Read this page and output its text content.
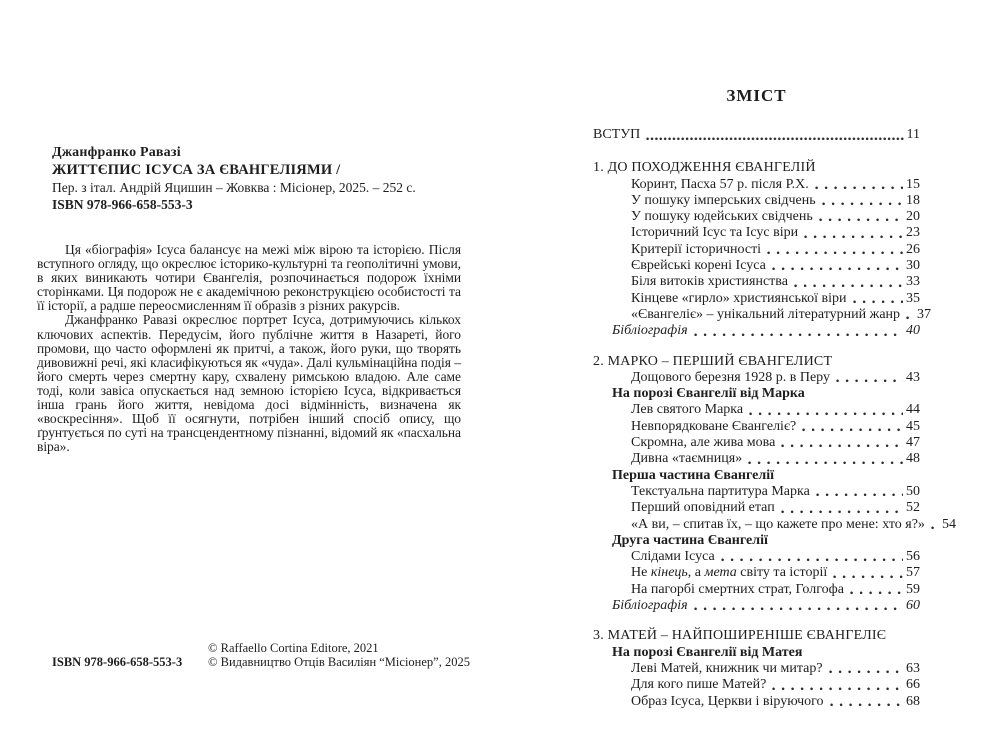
Джанфранко Равазі
ЖИТТЄПИС ІСУСА ЗА ЄВАНГЕЛІЯМИ /
Пер. з італ. Андрій Яцишин – Жовква : Місіонер, 2025. – 252 с.
ISBN 978-966-658-553-3

Ця «біографія» Ісуса балансує на межі між вірою та історією. Після вступного огляду, що окреслює історико-культурні та геополітичні умови, в яких виникають чотири Євангелія, розпочинається подорож їхніми сторінками. Ця подорож не є академічною реконструкцією особистості та її історії, а радше переосмисленням її образів з різних ракурсів.

Джанфранко Равазі окреслює портрет Ісуса, дотримуючись кількох ключових аспектів. Передусім, його публічне життя в Назареті, його промови, що часто оформлені як притчі, а також, його руки, що творять дивовижні речі, які класифікуються як «чуда». Далі кульмінаційна подія – його смерть через смертну кару, схвалену римською владою. Але саме тоді, коли завіса опускається над земною історією Ісуса, відкривається інша грань його життя, невідома досі відмінність, визначена як «воскресіння». Щоб її осягнути, потрібен інший спосіб опису, що ґрунтується по суті на трансцендентному пізнанні, відомий як «пасхальна віра».

ISBN 978-966-658-553-3
© Raffaello Cortina Editore, 2021
© Видавництво Отців Василіян “Місіонер”, 2025
ЗМІСТ
ВСТУП	11
1. ДО ПОХОДЖЕННЯ ЄВАНГЕЛІЙ
Коринт, Пасха 57 р. після Р.Х.	15
У пошуку імперських свідчень	18
У пошуку юдейських свідчень	20
Історичний Ісус та Ісус віри	23
Критерії історичності	26
Єврейські корені Ісуса	30
Біля витоків християнства	33
Кінцеве «гирло» християнської віри	35
«Євангеліє» – унікальний літературний жанр 37
Бібліографія	40
2. МАРКО – ПЕРШИЙ ЄВАНГЕЛИСТ
Дощового березня 1928 р. в Перу	43
На порозі Євангелії від Марка
Лев святого Марка	44
Невпорядковане Євангеліє?	45
Скромна, але жива мова	47
Дивна «таємниця»	48
Перша частина Євангелії
Текстуальна партитура Марка	50
Перший оповідний етап	52
«А ви, – спитав їх, – що кажете про мене: хто я?» 54
Друга частина Євангелії
Слідами Ісуса	56
Не кінець, а мета світу та історії	57
На пагорбі смертних страт, Голгофа	59
Бібліографія	60
3. МАТЕЙ – НАЙПОШИРЕНІШЕ ЄВАНГЕЛІЄ
На порозі Євангелії від Матея
Леві Матей, книжник чи митар?	63
Для кого пише Матей?	66
Образ Ісуса, Церкви і віруючого	68
